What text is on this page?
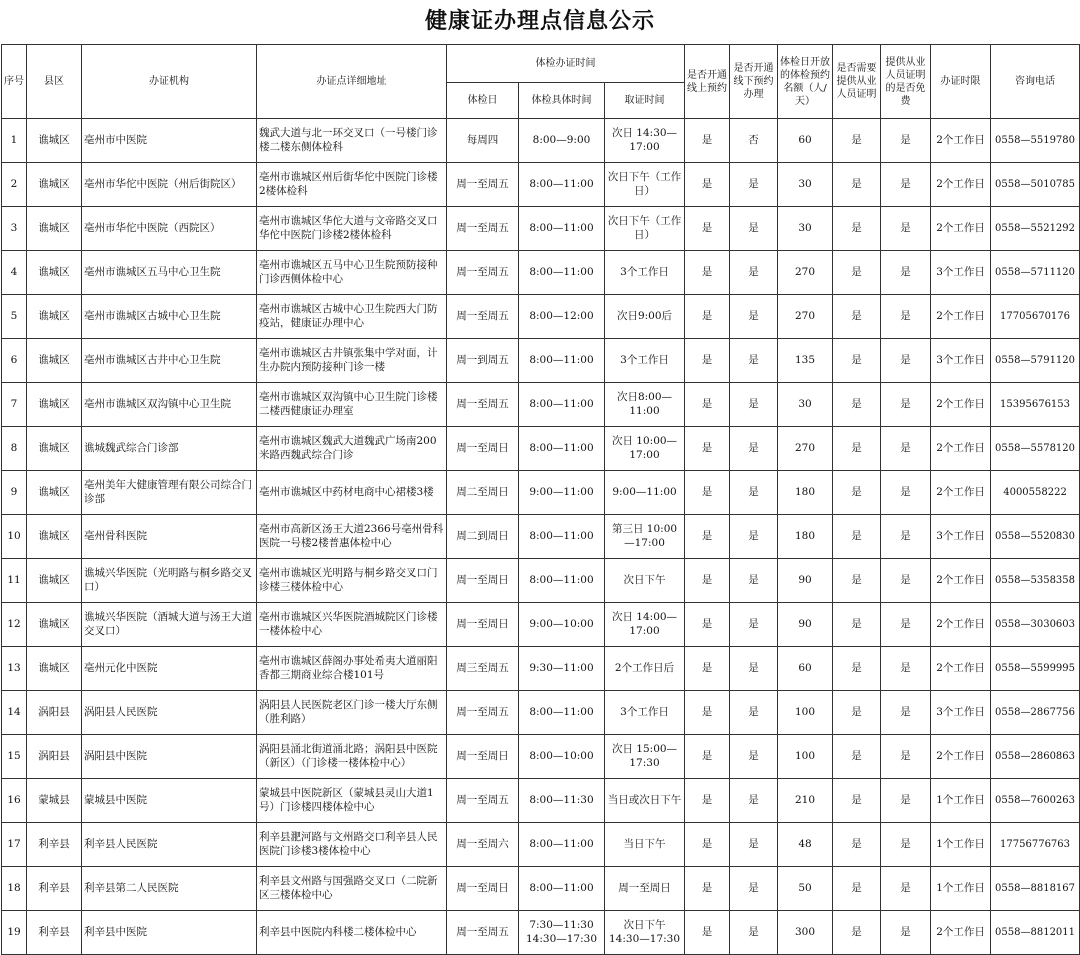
健康证办理点信息公示
序号	县区	办证机构	办证点详细地址	体检办证时间			是否开通线上预约	是否开通线下预约办理	体检日开放的体检预约名额（人/天）	是否需要提供从业人员证明	提供从业人员证明的是否免费	办证时限	咨询电话
				体检日	体检具体时间	取证时间							
1	谯城区	亳州市中医院	魏武大道与北一环交叉口（一号楼门诊楼二楼东侧体检科	每周四	8:00—9:00	次日 14:30—17:00	是	否	60	是	是	2个工作日	0558—5519780
2	谯城区	亳州市华佗中医院（州后街院区）	亳州市谯城区州后街华佗中医院门诊楼2楼体检科	周一至周五	8:00—11:00	次日下午（工作日）	是	是	30	是	是	2个工作日	0558—5010785
3	谯城区	亳州市华佗中医院（西院区）	亳州市谯城区华佗大道与文帝路交叉口华佗中医院门诊楼2楼体检科	周一至周五	8:00—11:00	次日下午（工作日）	是	是	30	是	是	2个工作日	0558—5521292
4	谯城区	亳州市谯城区五马中心卫生院	亳州市谯城区五马中心卫生院预防接种门诊西侧体检中心	周一至周五	8:00—11:00	3个工作日	是	是	270	是	是	3个工作日	0558—5711120
5	谯城区	亳州市谯城区古城中心卫生院	亳州市谯城区古城中心卫生院西大门防疫站，健康证办理中心	周一至周五	8:00—12:00	次日9:00后	是	是	270	是	是	2个工作日	17705670176
6	谯城区	亳州市谯城区古井中心卫生院	亳州市谯城区古井镇张集中学对面，计生办院内预防接种门诊一楼	周一到周五	8:00—11:00	3个工作日	是	是	135	是	是	3个工作日	0558—5791120
7	谯城区	亳州市谯城区双沟镇中心卫生院	亳州市谯城区双沟镇中心卫生院门诊楼二楼西健康证办理室	周一至周五	8:00—11:00	次日8:00—11:00	是	是	30	是	是	2个工作日	15395676153
8	谯城区	谯城魏武综合门诊部	亳州市谯城区魏武大道魏武广场南200米路西魏武综合门诊	周一至周日	8:00—11:00	次日 10:00—17:00	是	是	270	是	是	2个工作日	0558—5578120
9	谯城区	亳州美年大健康管理有限公司综合门诊部	亳州市谯城区中药材电商中心裙楼3楼	周二至周日	9:00—11:00	9:00—11:00	是	是	180	是	是	2个工作日	4000558222
10	谯城区	亳州骨科医院	亳州市高新区汤王大道2366号亳州骨科医院一号楼2楼普惠体检中心	周二到周日	8:00—11:00	第三日 10:00—17:00	是	是	180	是	是	3个工作日	0558—5520830
11	谯城区	谯城兴华医院（光明路与桐乡路交叉口）	亳州市谯城区光明路与桐乡路交叉口门诊楼三楼体检中心	周一至周日	8:00—11:00	次日下午	是	是	90	是	是	2个工作日	0558—5358358
12	谯城区	谯城兴华医院（酒城大道与汤王大道交叉口）	亳州市谯城区兴华医院酒城院区门诊楼一楼体检中心	周一至周日	9:00—10:00	次日 14:00—17:00	是	是	90	是	是	2个工作日	0558—3030603
13	谯城区	亳州元化中医院	亳州市谯城区薛阁办事处希夷大道丽阳香都三期商业综合楼101号	周三至周五	9:30—11:00	2个工作日后	是	是	60	是	是	2个工作日	0558—5599995
14	涡阳县	涡阳县人民医院	涡阳县人民医院老区门诊一楼大厅东侧（胜利路）	周一至周五	8:00—11:00	3个工作日	是	是	100	是	是	3个工作日	0558—2867756
15	涡阳县	涡阳县中医院	涡阳县涌北街道涌北路；涡阳县中医院（新区）（门诊楼一楼体检中心）	周一至周日	8:00—10:00	次日 15:00—17:30	是	是	100	是	是	2个工作日	0558—2860863
16	蒙城县	蒙城县中医院	蒙城县中医院新区（蒙城县灵山大道1号）门诊楼四楼体检中心	周一至周五	8:00—11:30	当日或次日下午	是	是	210	是	是	1个工作日	0558—7600263
17	利辛县	利辛县人民医院	利辛县淝河路与文州路交口利辛县人民医院门诊楼3楼体检中心	周一至周六	8:00—11:00	当日下午	是	是	48	是	是	1个工作日	17756776763
18	利辛县	利辛县第二人民医院	利辛县文州路与国强路交叉口（二院新区三楼体检中心	周一至周日	8:00—11:00	周一至周日	是	是	50	是	是	1个工作日	0558—8818167
19	利辛县	利辛县中医院	利辛县中医院内科楼二楼体检中心	周一至周五	7:30—11:30 14:30—17:30	次日下午 14:30—17:30	是	是	300	是	是	2个工作日	0558—8812011
